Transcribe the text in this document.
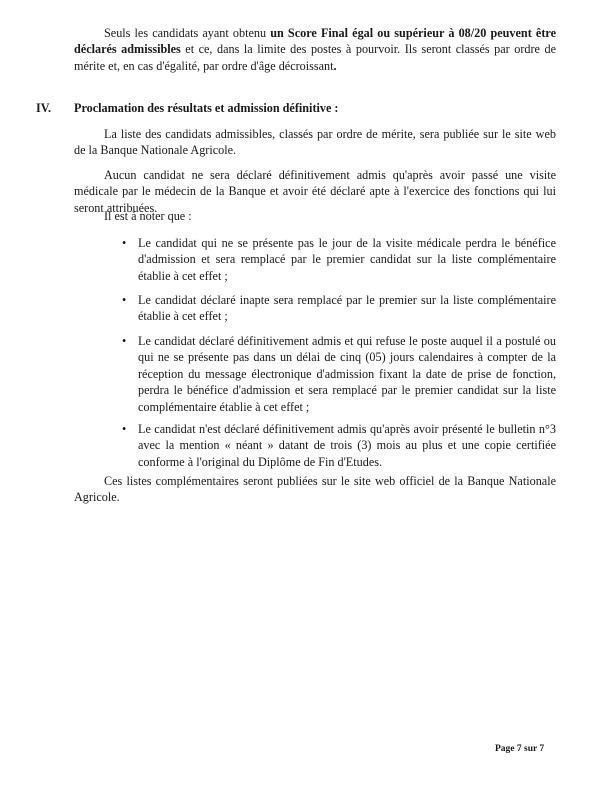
Seuls les candidats ayant obtenu un Score Final égal ou supérieur à 08/20 peuvent être déclarés admissibles et ce, dans la limite des postes à pourvoir. Ils seront classés par ordre de mérite et, en cas d'égalité, par ordre d'âge décroissant.

IV.	Proclamation des résultats et admission définitive :

La liste des candidats admissibles, classés par ordre de mérite, sera publiée sur le site web de la Banque Nationale Agricole.

Aucun candidat ne sera déclaré définitivement admis qu'après avoir passé une visite médicale par le médecin de la Banque et avoir été déclaré apte à l'exercice des fonctions qui lui seront attribuées.

Il est à noter que :

• Le candidat qui ne se présente pas le jour de la visite médicale perdra le bénéfice d'admission et sera remplacé par le premier candidat sur la liste complémentaire établie à cet effet ;
• Le candidat déclaré inapte sera remplacé par le premier sur la liste complémentaire établie à cet effet ;
• Le candidat déclaré définitivement admis et qui refuse le poste auquel il a postulé ou qui ne se présente pas dans un délai de cinq (05) jours calendaires à compter de la réception du message électronique d'admission fixant la date de prise de fonction, perdra le bénéfice d'admission et sera remplacé par le premier candidat sur la liste complémentaire établie à cet effet ;
• Le candidat n'est déclaré définitivement admis qu'après avoir présenté le bulletin n°3 avec la mention « néant » datant de trois (3) mois au plus et une copie certifiée conforme à l'original du Diplôme de Fin d'Etudes.

Ces listes complémentaires seront publiées sur le site web officiel de la Banque Nationale Agricole.

Page 7 sur 7
